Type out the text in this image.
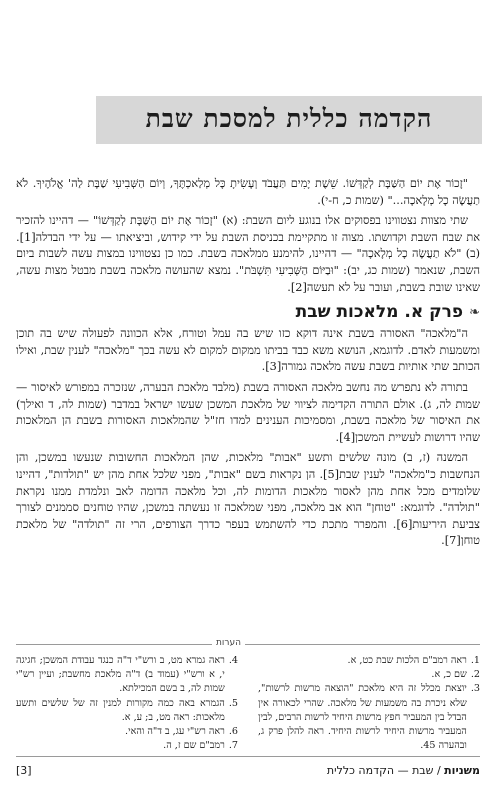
הקדמה כללית למסכת שבת

"זָכוֹר אֶת יוֹם הַשַּׁבָּת לְקַדְּשׁוֹ. שֵׁשֶׁת יָמִים תַּעֲבֹד וְעָשִׂיתָ כָּל מְלַאכְתֶּךָ, וְיוֹם הַשְּׁבִיעִי שַׁבָּת לַה' אֱלֹהֶיךָ. לֹא תַעֲשֶׂה כָל מְלָאכָה..." (שמות כ, ח-י).

שתי מצוות נצטווינו בפסוקים אלו בנוגע ליום השבת: (א) "זָכוֹר אֶת יוֹם הַשַּׁבָּת לְקַדְּשׁוֹ" — דהיינו להזכיר את שבח השבת וקדושתו. מצוה זו מתקיימת בכניסת השבת על ידי קידוש, וביציאתו — על ידי הבדלה[1]. (ב) "לֹא תַעֲשֶׂה כָל מְלָאכָה" — דהיינו, להימנע ממלאכה בשבת. כמו כן נצטווינו במצות עשה לשבות ביום השבת, שנאמר (שמות כג, יב): "וּבַיּוֹם הַשְּׁבִיעִי תִּשְׁבֹּת". נמצא שהעושה מלאכה בשבת מבטל מצות עשה, שאינו שובת בשבת, ועובר על לא תעשה[2].

❧
פרק א. מלאכות שבת

ה"מלאכה" האסורה בשבת אינה דוקא כזו שיש בה עמל וטורח, אלא הכוונה לפעולה שיש בה תוכן ומשמעות לאדם. לדוגמא, הנושא משא כבד בביתו ממקום למקום לא עשה בכך "מלאכה" לענין שבת, ואילו הכותב שתי אותיות בשבת עשה מלאכה גמורה[3].

בתורה לא נתפרש מה נחשב מלאכה האסורה בשבת (מלבד מלאכת הבערה, שנזכרה במפורש לאיסור — שמות לה, ג). אולם התורה הקדימה לציווי של מלאכת המשכן שעשו ישראל במדבר (שמות לה, ד ואילך) את האיסור של מלאכה בשבת, ומסמיכות הענינים למדו חז"ל שהמלאכות האסורות בשבת הן המלאכות שהיו דרושות לעשיית המשכן[4].

המשנה (ז, ב) מונה שלשים ותשע "אבות" מלאכות, שהן המלאכות החשובות שנעשו במשכן, והן הנחשבות כ"מלאכה" לענין שבת[5]. הן נקראות בשם "אבות", מפני שלכל אחת מהן יש "תולדות", דהיינו שלומדים מכל אחת מהן לאסור מלאכות הדומות לה, וכל מלאכה הדומה לאב ונלמדת ממנו נקראת "תולדה". לדוגמא: "טוחן" הוא אב מלאכה, מפני שמלאכה זו נעשתה במשכן, שהיו טוחנים סממנים לצורך צביעת היריעות[6]. והמפרר מתכת כדי להשתמש בעפר כדרך הצורפים, הרי זה "תולדה" של מלאכת טוחן[7].

הערות
1.
ראה רמב"ם הלכות שבת כט, א.
2.
שם כ, א.
3.
יוצאת מכלל זה היא מלאכת "הוצאה מרשות לרשות", שלא ניכרת בה משמעות של מלאכה. שהרי לכאורה אין הבדל בין המעביר חפץ מרשות היחיד לרשות הרבים, לבין המעביר מרשות היחיד לרשות היחיד. ראה להלן פרק ג, ובהערה 45.
4.
ראה גמרא מט, ב ורש"י ד"ה כנגד עבודת המשכן; חגיגה י, א ורש"י (עמוד ב) ד"ה מלאכת מחשבת; ועיין רש"י שמות לה, ב בשם המכילתא.
5.
הגמרא באה כמה מקורות למנין זה של שלשים ותשע מלאכות: ראה מט, ב; ע, א.
6.
ראה רש"י עג, ב ד"ה והאי.
7.
רמב"ם שם ז, ה.
משניות / שבת — הקדמה כללית
[3]
